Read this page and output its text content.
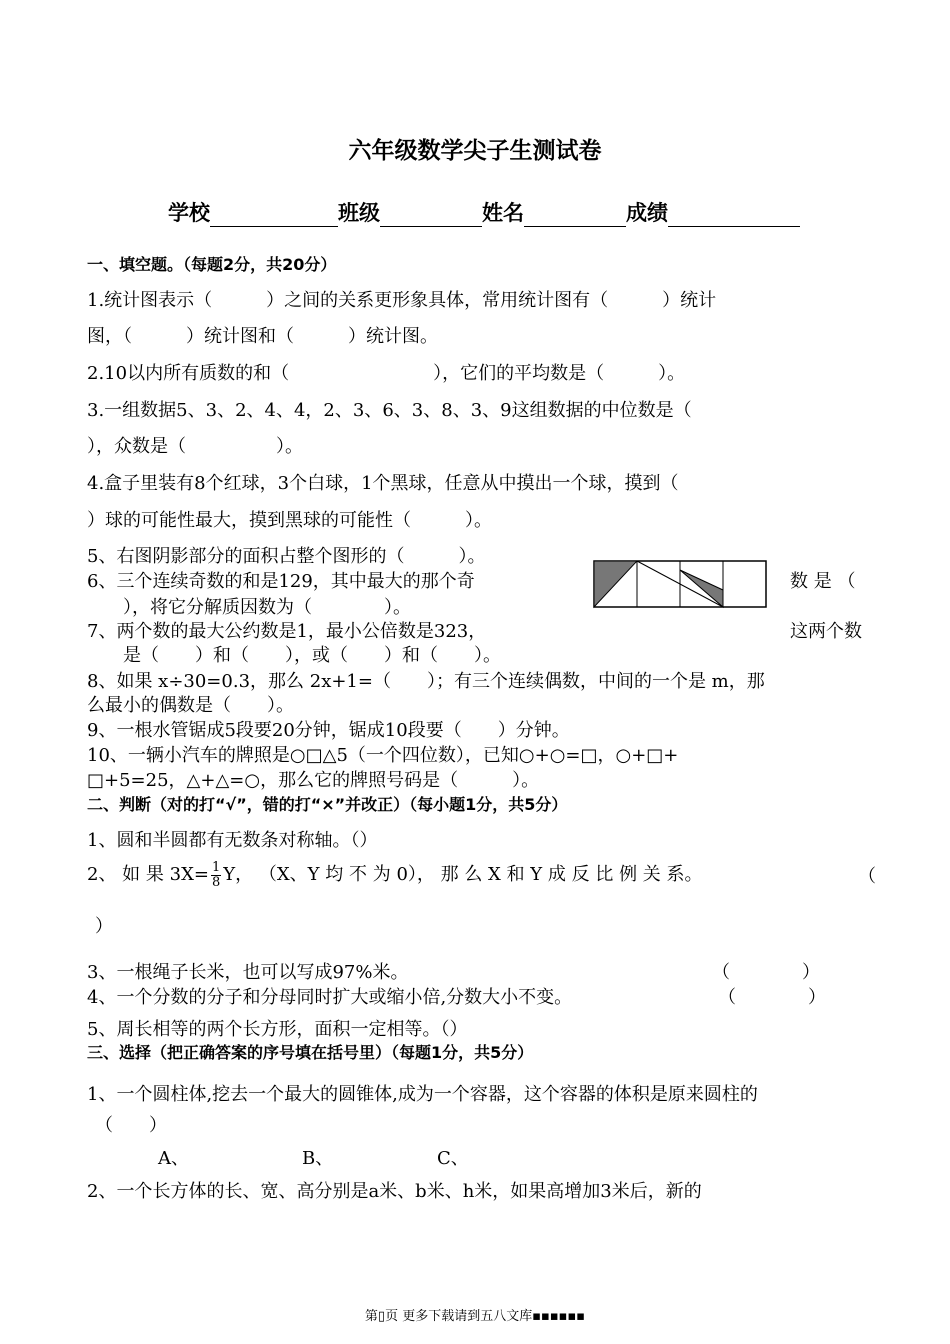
六年级数学尖子生测试卷
学校	班级	姓名	成绩
一、填空题。（每题2分，共20分）
1.统计图表示（　　　）之间的关系更形象具体，常用统计图有（　　　）统计
图，（　　　）统计图和（　　　）统计图。
2.10以内所有质数的和（　　　　　　　　），它们的平均数是（　　　）。
3.一组数据5、3、2、4、4，2、3、6、3、8、3、9这组数据的中位数是（
），众数是（　　　　　）。
4.盒子里装有8个红球，3个白球，1个黑球，任意从中摸出一个球，摸到（
）球的可能性最大，摸到黑球的可能性（　　　）。
5、右图阴影部分的面积占整个图形的（　　　）。
6、三个连续奇数的和是129，其中最大的那个奇	数 是 （
　　），将它分解质因数为（　　　　）。
7、两个数的最大公约数是1，最小公倍数是323，	这两个数
　　是（　　）和（　　），或（　　）和（　　）。
8、如果 x÷30=0.3，那么 2x+1=（　　）；有三个连续偶数，中间的一个是 m，那
么最小的偶数是（　　）。
9、一根水管锯成5段要20分钟，锯成10段要（　　）分钟。
10、一辆小汽车的牌照是○□△5（一个四位数），已知○+○=□，○+□+
□+5=25，△+△=○，那么它的牌照号码是（　　　）。
二、判断（对的打“√”，错的打“×”并改正）（每小题1分，共5分）
1、圆和半圆都有无数条对称轴。（）
2、 如 果 $3X= \frac{1}{8}$ Y， （X、Y 均 不 为 0）， 那 么 X 和 Y 成 反 比 例 关 系。	（
）
3、一根绳子长米，也可以写成97%米。	（　　　　）
4、一个分数的分子和分母同时扩大或缩小倍,分数大小不变。	（　　　　）
5、周长相等的两个长方形，面积一定相等。（）
三、选择（把正确答案的序号填在括号里）（每题1分，共5分）
1、一个圆柱体,挖去一个最大的圆锥体,成为一个容器，这个容器的体积是原来圆柱的
（　　）
A、	B、	C、
2、一个长方体的长、宽、高分别是a米、b米、h米，如果高增加3米后，新的
第▯页 更多下载请到五八文库▪▪▪▪▪▪
